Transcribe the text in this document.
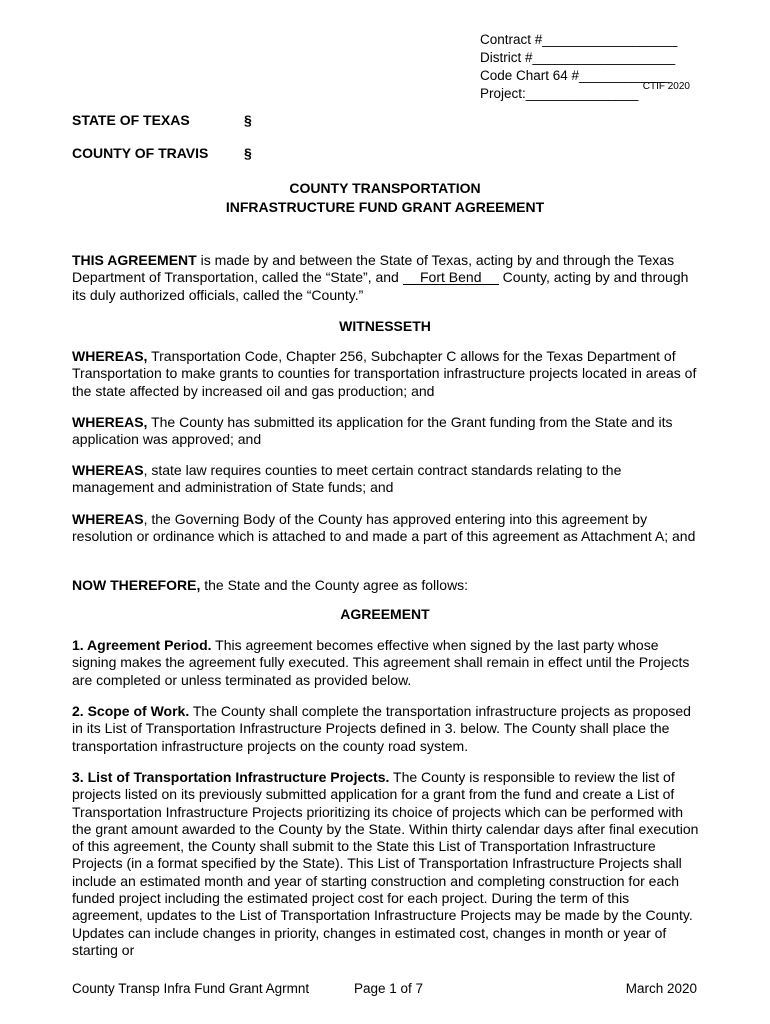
Contract #__________________
District #___________________
Code Chart 64 #____________
Project:_______________ CTIF 2020
STATE OF TEXAS	§
COUNTY OF TRAVIS	§
COUNTY TRANSPORTATION
INFRASTRUCTURE FUND GRANT AGREEMENT
THIS AGREEMENT is made by and between the State of Texas, acting by and through the Texas Department of Transportation, called the “State”, and Fort Bend County, acting by and through its duly authorized officials, called the “County.”
WITNESSETH
WHEREAS, Transportation Code, Chapter 256, Subchapter C allows for the Texas Department of Transportation to make grants to counties for transportation infrastructure projects located in areas of the state affected by increased oil and gas production; and
WHEREAS, The County has submitted its application for the Grant funding from the State and its application was approved; and
WHEREAS, state law requires counties to meet certain contract standards relating to the management and administration of State funds; and
WHEREAS, the Governing Body of the County has approved entering into this agreement by resolution or ordinance which is attached to and made a part of this agreement as Attachment A; and
NOW THEREFORE, the State and the County agree as follows:
AGREEMENT
1. Agreement Period. This agreement becomes effective when signed by the last party whose signing makes the agreement fully executed. This agreement shall remain in effect until the Projects are completed or unless terminated as provided below.
2. Scope of Work. The County shall complete the transportation infrastructure projects as proposed in its List of Transportation Infrastructure Projects defined in 3. below. The County shall place the transportation infrastructure projects on the county road system.
3. List of Transportation Infrastructure Projects. The County is responsible to review the list of projects listed on its previously submitted application for a grant from the fund and create a List of Transportation Infrastructure Projects prioritizing its choice of projects which can be performed with the grant amount awarded to the County by the State. Within thirty calendar days after final execution of this agreement, the County shall submit to the State this List of Transportation Infrastructure Projects (in a format specified by the State). This List of Transportation Infrastructure Projects shall include an estimated month and year of starting construction and completing construction for each funded project including the estimated project cost for each project. During the term of this agreement, updates to the List of Transportation Infrastructure Projects may be made by the County. Updates can include changes in priority, changes in estimated cost, changes in month or year of starting or
County Transp Infra Fund Grant Agrmnt	Page 1 of 7	March 2020
